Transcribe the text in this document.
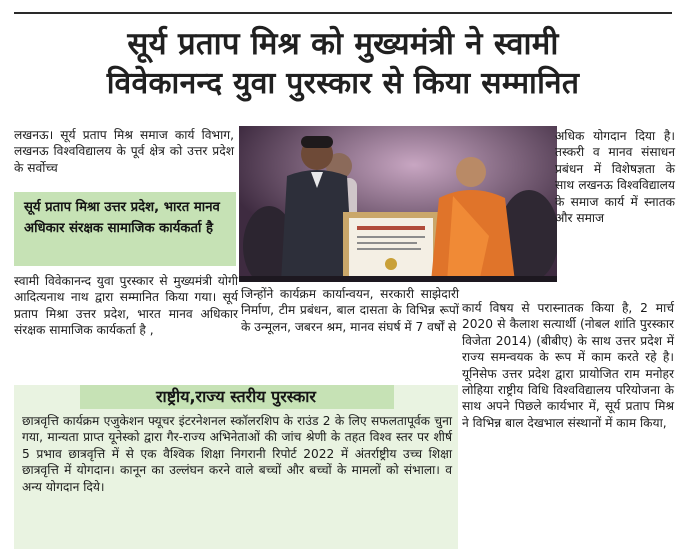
सूर्य प्रताप मिश्र को मुख्यमंत्री ने स्वामी
विवेकानन्द युवा पुरस्कार से किया सम्मानित

लखनऊ। सूर्य प्रताप मिश्र समाज कार्य विभाग, लखनऊ विश्वविद्यालय के पूर्व क्षेत्र को उत्तर प्रदेश के सर्वोच्च

सूर्य प्रताप मिश्रा उत्तर प्रदेश, भारत मानव अधिकार संरक्षक सामाजिक कार्यकर्ता है

स्वामी विवेकानन्द युवा पुरस्कार से मुख्यमंत्री योगी आदित्यनाथ नाथ द्वारा सम्मानित किया गया। सूर्य प्रताप मिश्रा उत्तर प्रदेश, भारत मानव अधिकार संरक्षक सामाजिक कार्यकर्ता है ,

जिन्होंने कार्यक्रम कार्यान्वयन, सरकारी साझेदारी निर्माण, टीम प्रबंधन, बाल दासता के विभिन्न रूपों के उन्मूलन, जबरन श्रम, मानव संघर्ष में 7 वर्षों से

अधिक योगदान दिया है। तस्करी व मानव संसाधन प्रबंधन में विशेषज्ञता के साथ लखनऊ विश्वविद्यालय के समाज कार्य में स्नातक और समाज

कार्य विषय से परास्नातक किया है, 2 मार्च 2020 से कैलाश सत्यार्थी (नोबल शांति पुरस्कार विजेता 2014) (बीबीए) के साथ उत्तर प्रदेश में राज्य समन्वयक के रूप में काम करते रहे है। यूनिसेफ उत्तर प्रदेश द्वारा प्रायोजित राम मनोहर लोहिया राष्ट्रीय विधि विश्वविद्यालय परियोजना के साथ अपने पिछले कार्यभार में, सूर्य प्रताप मिश्र ने विभिन्न बाल देखभाल संस्थानों में काम किया,

राष्ट्रीय,राज्य स्तरीय पुरस्कार

छात्रवृत्ति कार्यक्रम एजुकेशन फ्यूचर इंटरनेशनल स्कॉलरशिप के राउंड 2 के लिए सफलतापूर्वक चुना गया, मान्यता प्राप्त यूनेस्को द्वारा गैर-राज्य अभिनेताओं की जांच श्रेणी के तहत विश्व स्तर पर शीर्ष 5 प्रभाव छात्रवृत्ति में से एक वैश्विक शिक्षा निगरानी रिपोर्ट 2022 में अंतर्राष्ट्रीय उच्च शिक्षा छात्रवृत्ति में योगदान। कानून का उल्लंघन करने वाले बच्चों और बच्चों के मामलों को संभाला। व अन्य योगदान दिये।
